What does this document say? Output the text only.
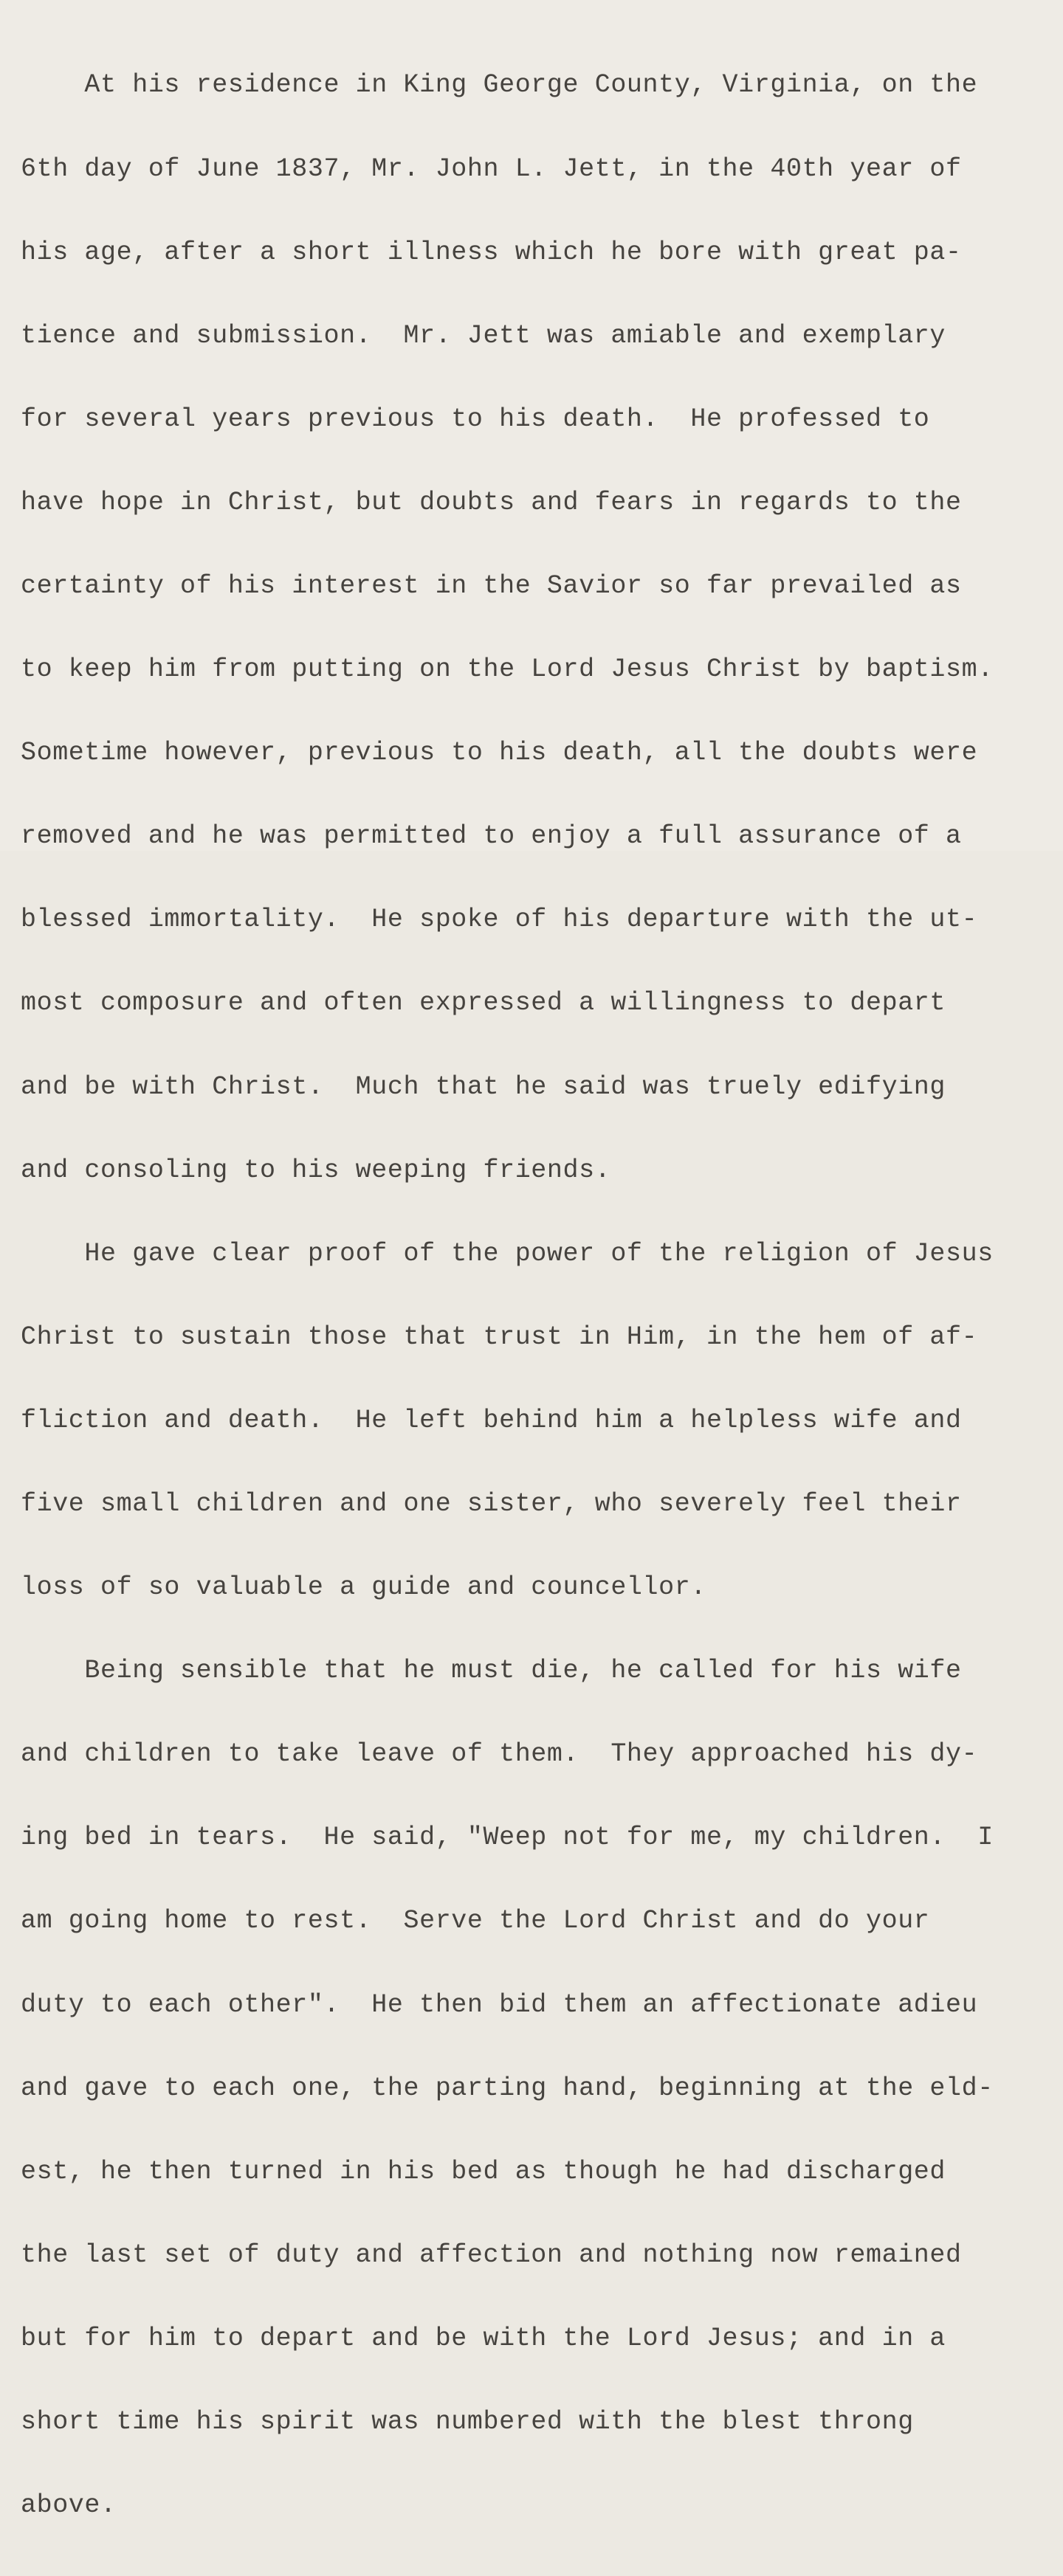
At his residence in King George County, Virginia, on the

6th day of June 1837, Mr. John L. Jett, in the 40th year of

his age, after a short illness which he bore with great pa-

tience and submission.  Mr. Jett was amiable and exemplary

for several years previous to his death.  He professed to

have hope in Christ, but doubts and fears in regards to the

certainty of his interest in the Savior so far prevailed as

to keep him from putting on the Lord Jesus Christ by baptism.

Sometime however, previous to his death, all the doubts were

removed and he was permitted to enjoy a full assurance of a

blessed immortality.  He spoke of his departure with the ut-

most composure and often expressed a willingness to depart

and be with Christ.  Much that he said was truely edifying

and consoling to his weeping friends.

He gave clear proof of the power of the religion of Jesus

Christ to sustain those that trust in Him, in the hem of af-

fliction and death.  He left behind him a helpless wife and

five small children and one sister, who severely feel their

loss of so valuable a guide and councellor.

Being sensible that he must die, he called for his wife

and children to take leave of them.  They approached his dy-

ing bed in tears.  He said, "Weep not for me, my children.  I

am going home to rest.  Serve the Lord Christ and do your

duty to each other".  He then bid them an affectionate adieu

and gave to each one, the parting hand, beginning at the eld-

est, he then turned in his bed as though he had discharged

the last set of duty and affection and nothing now remained

but for him to depart and be with the Lord Jesus; and in a

short time his spirit was numbered with the blest throng

above.
